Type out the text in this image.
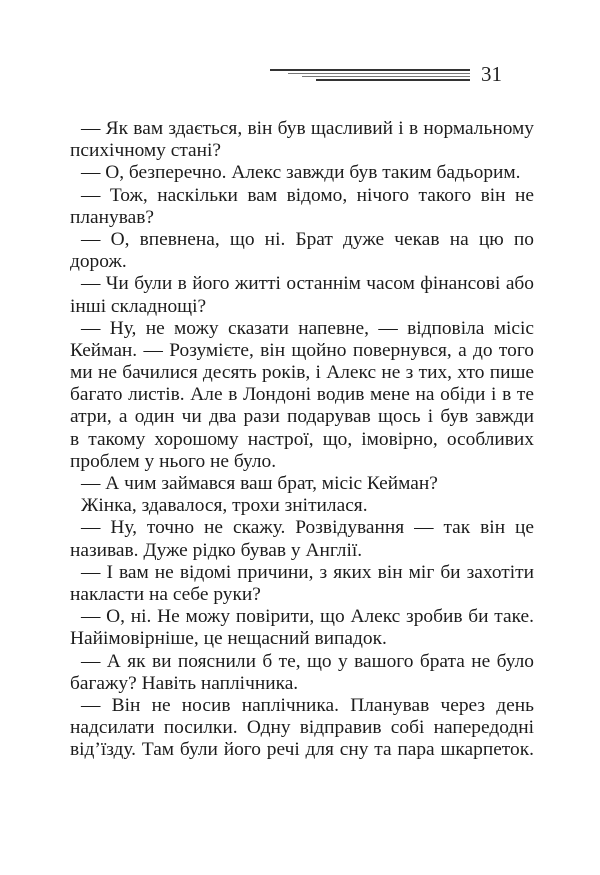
31
— Як вам здається, він був щасливий і в нормальному
психічному стані?
— О, безперечно. Алекс завжди був таким бадьорим.
— Тож, наскільки вам відомо, нічого такого він не
планував?
— О, впевнена, що ні. Брат дуже чекав на цю по
дорож.
— Чи були в його житті останнім часом фінансові або
інші складнощі?
— Ну, не можу сказати напевне, — відповіла місіс
Кейман. — Розумієте, він щойно повернувся, а до того
ми не бачилися десять років, і Алекс не з тих, хто пише
багато листів. Але в Лондоні водив мене на обіди і в те
атри, а один чи два рази подарував щось і був завжди
в такому хорошому настрої, що, імовірно, особливих
проблем у нього не було.
— А чим займався ваш брат, місіс Кейман?
Жінка, здавалося, трохи знітилася.
— Ну, точно не скажу. Розвідування — так він це
називав. Дуже рідко бував у Англії.
— І вам не відомі причини, з яких він міг би захотіти
накласти на себе руки?
— О, ні. Не можу повірити, що Алекс зробив би таке.
Найімовірніше, це нещасний випадок.
— А як ви пояснили б те, що у вашого брата не було
багажу? Навіть наплічника.
— Він не носив наплічника. Планував через день
надсилати посилки. Одну відправив собі напередодні
від’їзду. Там були його речі для сну та пара шкарпеток.
